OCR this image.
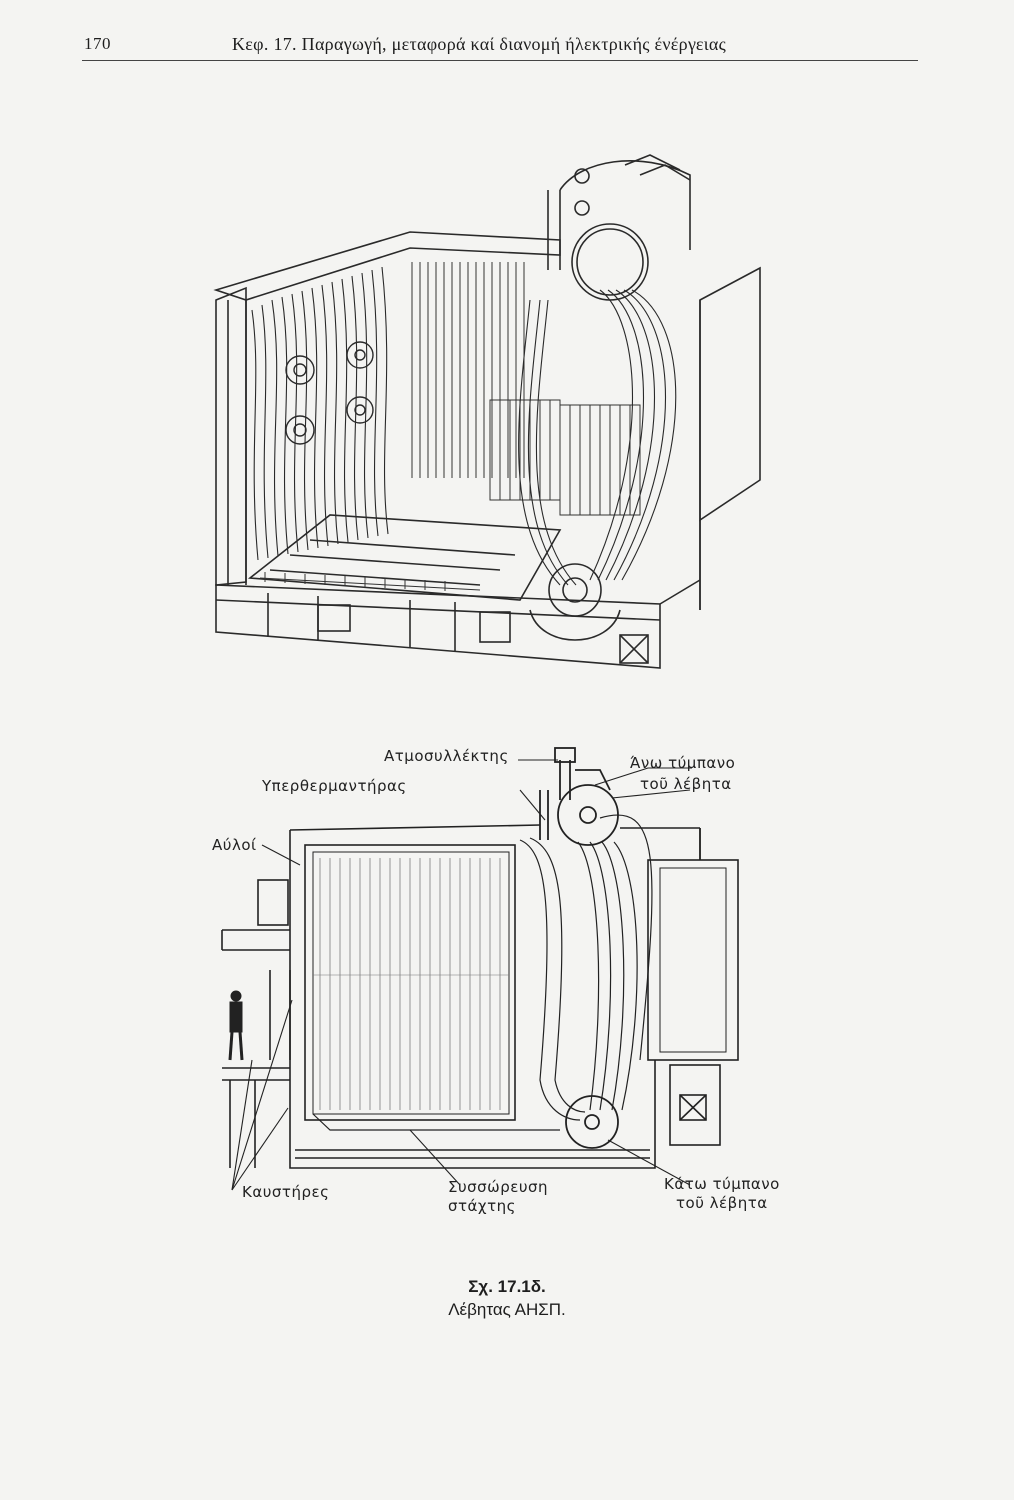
170	Κεφ. 17. Παραγωγή, μεταφορά καί διανομή ήλεκτρικής ένέργειας
Ατμοσυλλέκτης
Υπερθερμαντήρας
Άνω τύμπανο
τοῦ λέβητα
Αύλοί
Καυστήρες	Συσσώρευση
στάχτης
Κάτω τύμπανο
τοῦ λέβητα
Σχ. 17.1δ.
Λέβητας ΑΗΣΠ.
